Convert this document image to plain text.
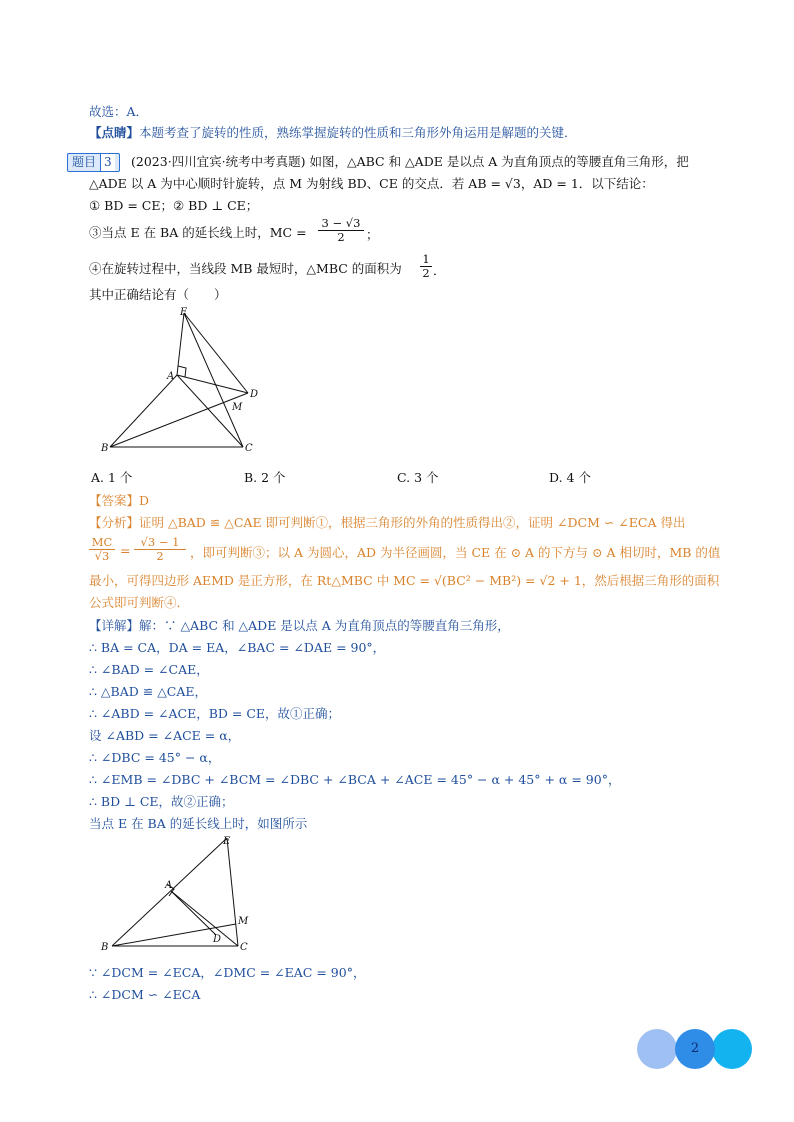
故选：A．
【点睛】本题考查了旋转的性质，熟练掌握旋转的性质和三角形外角运用是解题的关键．
题目 3	(2023·四川宜宾·统考中考真题) 如图，△ABC 和 △ADE 是以点 A 为直角顶点的等腰直角三角形，把
△ADE 以 A 为中心顺时针旋转，点 M 为射线 BD、CE 的交点．若 AB = √3，AD = 1．以下结论：
① BD = CE；② BD ⊥ CE；
③当点 E 在 BA 的延长线上时，MC = $\frac{3 - √3}{2}$ ；
④在旋转过程中，当线段 MB 最短时，△MBC 的面积为 $\frac{1}{2}$ ．
其中正确结论有（　　）
E
A
D
M
B	C
A. 1 个	B. 2 个	C. 3 个	D. 4 个
【答案】D
【分析】证明 △BAD ≌ △CAE 即可判断①，根据三角形的外角的性质得出②，证明 ∠DCM ∽ ∠ECA 得出
$\frac{MC}{√3} = \frac{√3 - 1}{2}$ ，即可判断③；以 A 为圆心，AD 为半径画圆，当 CE 在 ⊙ A 的下方与 ⊙ A 相切时，MB 的值
最小，可得四边形 AEMD 是正方形，在 Rt△MBC 中 MC = √(BC² − MB²) = √2 + 1，然后根据三角形的面积
公式即可判断④．
【详解】解：∵ △ABC 和 △ADE 是以点 A 为直角顶点的等腰直角三角形，
∴ BA = CA，DA = EA，∠BAC = ∠DAE = 90°，
∴ ∠BAD = ∠CAE，
∴ △BAD ≌ △CAE，
∴ ∠ABD = ∠ACE，BD = CE，故①正确；
设 ∠ABD = ∠ACE = α，
∴ ∠DBC = 45° − α，
∴ ∠EMB = ∠DBC + ∠BCM = ∠DBC + ∠BCA + ∠ACE = 45° − α + 45° + α = 90°，
∴ BD ⊥ CE，故②正确；
当点 E 在 BA 的延长线上时，如图所示
E
A
D
M
B	C
∵ ∠DCM = ∠ECA，∠DMC = ∠EAC = 90°，
∴ ∠DCM ∽ ∠ECA
2
